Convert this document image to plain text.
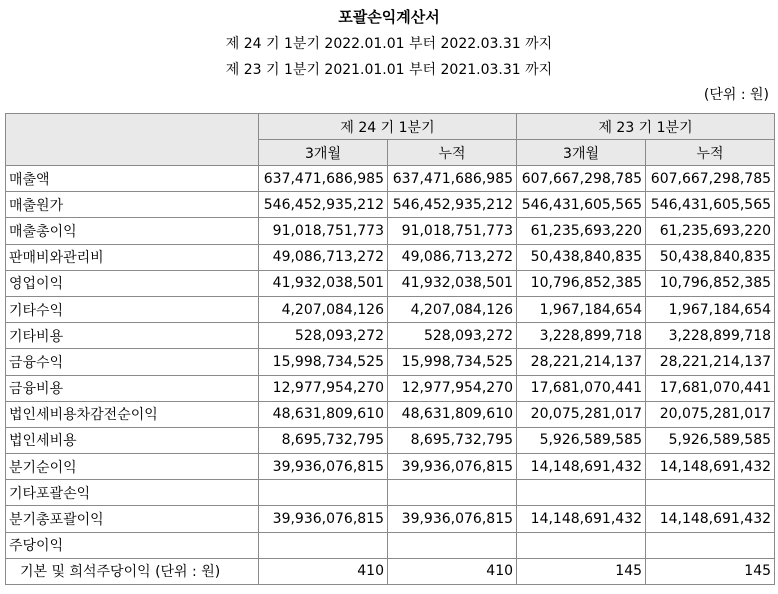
포괄손익계산서
제 24 기 1분기 2022.01.01 부터 2022.03.31 까지
제 23 기 1분기 2021.01.01 부터 2021.03.31 까지
(단위 : 원)
	제 24 기 1분기		제 23 기 1분기	
	3개월	누적	3개월	누적
매출액	637,471,686,985	637,471,686,985	607,667,298,785	607,667,298,785
매출원가	546,452,935,212	546,452,935,212	546,431,605,565	546,431,605,565
매출총이익	91,018,751,773	91,018,751,773	61,235,693,220	61,235,693,220
판매비와관리비	49,086,713,272	49,086,713,272	50,438,840,835	50,438,840,835
영업이익	41,932,038,501	41,932,038,501	10,796,852,385	10,796,852,385
기타수익	4,207,084,126	4,207,084,126	1,967,184,654	1,967,184,654
기타비용	528,093,272	528,093,272	3,228,899,718	3,228,899,718
금융수익	15,998,734,525	15,998,734,525	28,221,214,137	28,221,214,137
금융비용	12,977,954,270	12,977,954,270	17,681,070,441	17,681,070,441
법인세비용차감전순이익	48,631,809,610	48,631,809,610	20,075,281,017	20,075,281,017
법인세비용	8,695,732,795	8,695,732,795	5,926,589,585	5,926,589,585
분기순이익	39,936,076,815	39,936,076,815	14,148,691,432	14,148,691,432
기타포괄손익				
분기총포괄이익	39,936,076,815	39,936,076,815	14,148,691,432	14,148,691,432
주당이익				
기본 및 희석주당이익 (단위 : 원)	410	410	145	145
